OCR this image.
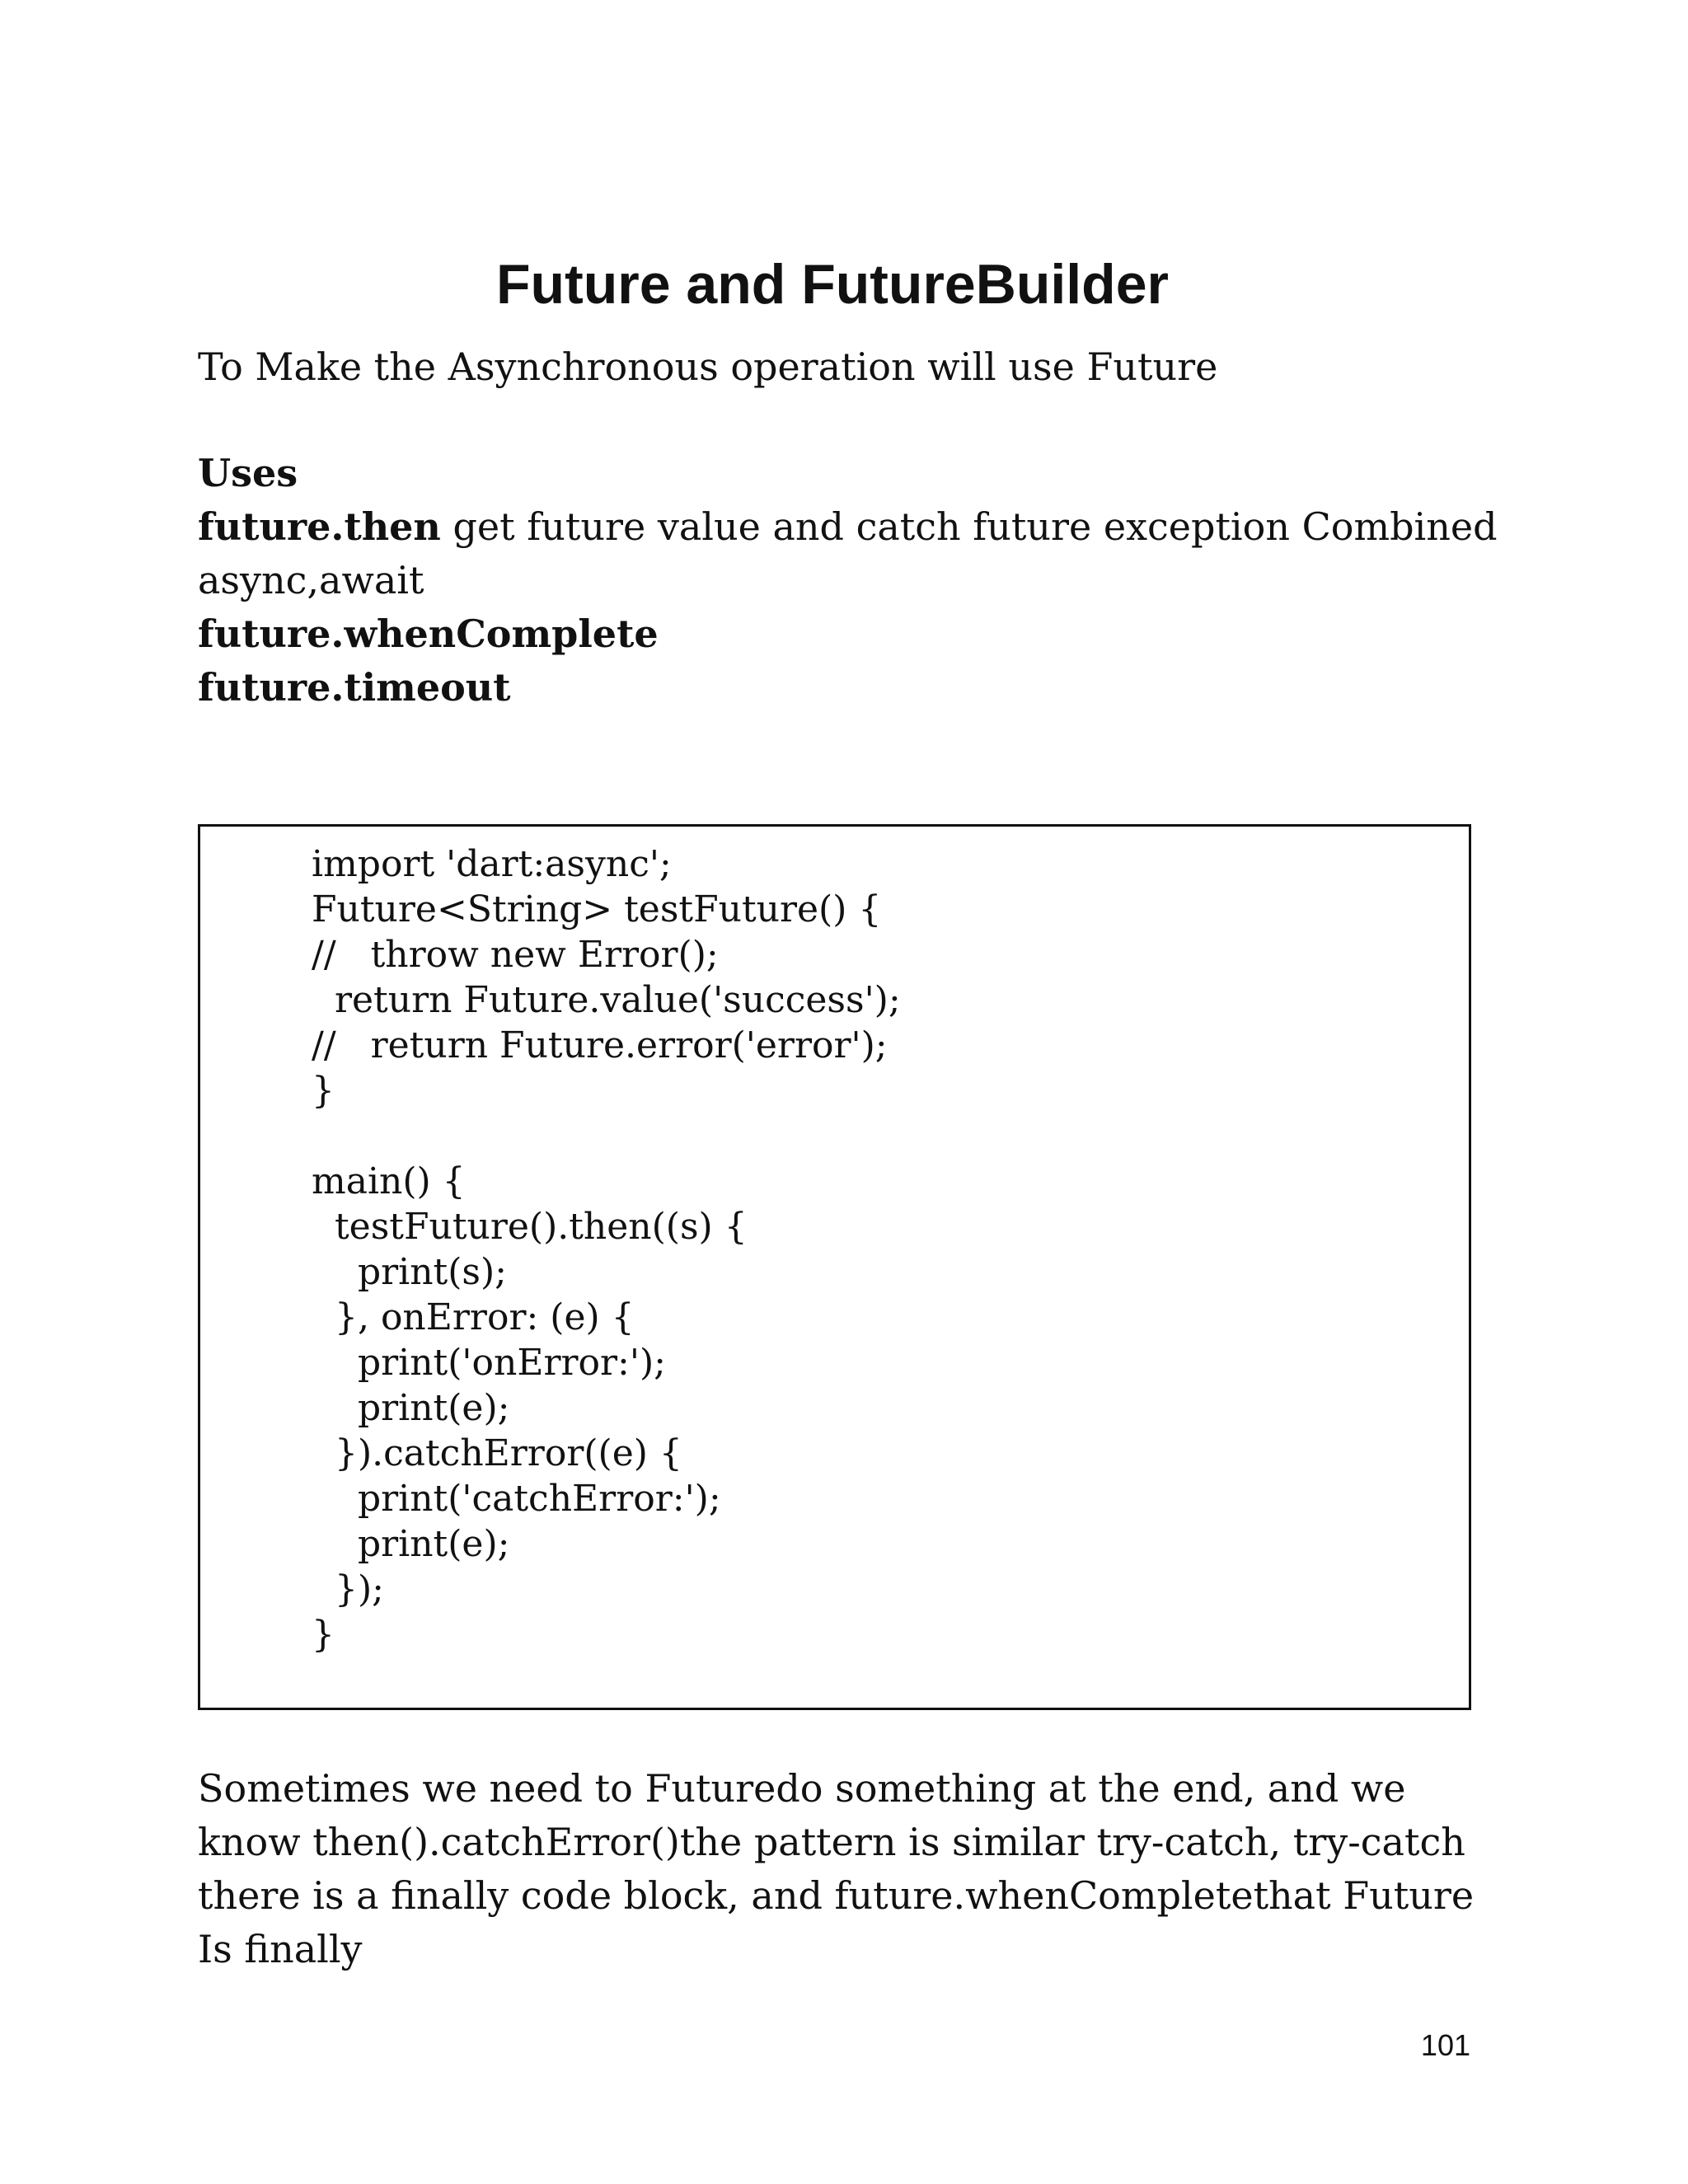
Future and FutureBuilder

To Make the Asynchronous operation will use Future

Uses
future.then get future value and catch future exception Combined async,await
future.whenComplete
future.timeout
import 'dart:async';
Future<String> testFuture() {
//   throw new Error();
return Future.value('success');
//   return Future.error('error');
}

main() {
testFuture().then((s) {
print(s);
}, onError: (e) {
print('onError:');
print(e);
}).catchError((e) {
print('catchError:');
print(e);
});
}

Sometimes we need to Futuredo something at the end, and we know then().catchError()the pattern is similar try-catch, try-catch there is a finally code block, and future.whenCompletethat Future Is finally

101
